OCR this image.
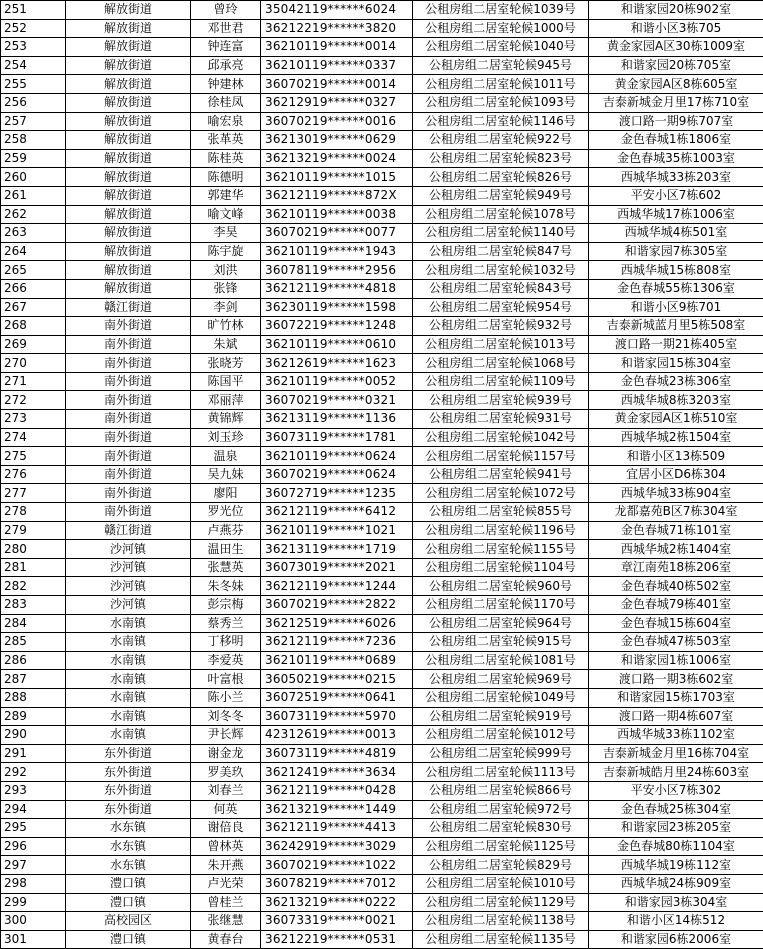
251	解放街道	曾玲	35042119******6024	公租房组二居室轮候1039号	和谐家园20栋902室
252	解放街道	邓世君	36212219******3820	公租房组二居室轮候1000号	和谐小区3栋705
253	解放街道	钟连富	36210119******0014	公租房组二居室轮候1040号	黄金家园A区30栋1009室
254	解放街道	邱承亮	36210119******0337	公租房组二居室轮候945号	和谐家园20栋705室
255	解放街道	钟建林	36070219******0014	公租房组二居室轮候1011号	黄金家园A区8栋605室
256	解放街道	徐桂凤	36212919******0327	公租房组二居室轮候1093号	吉泰新城金月里17栋710室
257	解放街道	喻宏泉	36070219******0016	公租房组二居室轮候1146号	渡口路一期9栋707室
258	解放街道	张革英	36213019******0629	公租房组二居室轮候922号	金色春城1栋1806室
259	解放街道	陈桂英	36213219******0024	公租房组二居室轮候823号	金色春城35栋1003室
260	解放街道	陈德明	36210119******1015	公租房组二居室轮候826号	西城华城33栋203室
261	解放街道	郭建华	36212119******872X	公租房组二居室轮候949号	平安小区7栋602
262	解放街道	喻文峰	36210119******0038	公租房组二居室轮候1078号	西城华城17栋1006室
263	解放街道	李昊	36070219******0077	公租房组二居室轮候1140号	西城华城4栋501室
264	解放街道	陈宇旋	36210119******1943	公租房组二居室轮候847号	和谐家园7栋305室
265	解放街道	刘洪	36078119******2956	公租房组二居室轮候1032号	西城华城15栋808室
266	解放街道	张锋	36212119******4818	公租房组二居室轮候843号	金色春城55栋1306室
267	赣江街道	李剑	36230119******1598	公租房组二居室轮候954号	和谐小区9栋701
268	南外街道	旷竹林	36072219******1248	公租房组二居室轮候932号	吉泰新城蓝月里5栋508室
269	南外街道	朱斌	36210119******0610	公租房组二居室轮候1013号	渡口路一期21栋405室
270	南外街道	张晓芳	36212619******1623	公租房组二居室轮候1068号	和谐家园15栋304室
271	南外街道	陈国平	36210119******0052	公租房组二居室轮候1109号	金色春城23栋306室
272	南外街道	邓丽萍	36070219******0321	公租房组二居室轮候939号	西城华城8栋3203室
273	南外街道	黄锦辉	36213119******1136	公租房组二居室轮候931号	黄金家园A区1栋510室
274	南外街道	刘玉珍	36073119******1781	公租房组二居室轮候1042号	西城华城2栋1504室
275	南外街道	温泉	36210119******0624	公租房组二居室轮候1157号	和谐小区13栋509
276	南外街道	吴九妹	36070219******0624	公租房组二居室轮候941号	宜居小区D6栋304
277	南外街道	廖阳	36072719******1235	公租房组二居室轮候1072号	西城华城33栋904室
278	南外街道	罗光位	36212119******6412	公租房组二居室轮候855号	龙都嘉苑B区7栋304室
279	赣江街道	卢燕芬	36210119******1021	公租房组二居室轮候1196号	金色春城71栋101室
280	沙河镇	温田生	36213119******1719	公租房组二居室轮候1155号	西城华城2栋1404室
281	沙河镇	张慧英	36073019******2021	公租房组二居室轮候1104号	章江南苑18栋206室
282	沙河镇	朱冬妹	36212119******1244	公租房组二居室轮候960号	金色春城40栋502室
283	沙河镇	彭宗梅	36070219******2822	公租房组二居室轮候1170号	金色春城79栋401室
284	水南镇	蔡秀兰	36212519******6026	公租房组二居室轮候964号	金色春城15栋604室
285	水南镇	丁移明	36212119******7236	公租房组二居室轮候915号	金色春城47栋503室
286	水南镇	李爱英	36210119******0689	公租房组二居室轮候1081号	和谐家园1栋1006室
287	水南镇	叶富根	36050219******0215	公租房组二居室轮候969号	渡口路一期3栋602室
288	水南镇	陈小兰	36072519******0641	公租房组二居室轮候1049号	和谐家园15栋1703室
289	水南镇	刘冬冬	36073119******5970	公租房组二居室轮候919号	渡口路一期4栋607室
290	水南镇	尹长辉	42312619******0013	公租房组二居室轮候1012号	西城华城33栋1102室
291	东外街道	谢金龙	36073119******4819	公租房组二居室轮候999号	吉泰新城金月里16栋704室
292	东外街道	罗美玖	36212419******3634	公租房组二居室轮候1113号	吉泰新城皓月里24栋603室
293	东外街道	刘春兰	36212119******0428	公租房组二居室轮候866号	平安小区7栋302
294	东外街道	何英	36213219******1449	公租房组二居室轮候972号	金色春城25栋304室
295	水东镇	谢倍良	36212119******4413	公租房组二居室轮候830号	和谐家园23栋205室
296	水东镇	曾林英	36242919******3029	公租房组二居室轮候1125号	金色春城80栋1104室
297	水东镇	朱开燕	36070219******1022	公租房组二居室轮候829号	西城华城19栋112室
298	澧口镇	卢光荣	36078219******7012	公租房组二居室轮候1010号	西城华城24栋909室
299	澧口镇	曾桂兰	36213219******0222	公租房组二居室轮候1129号	和谐家园3栋304室
300	高校园区	张继慧	36073319******0021	公租房组二居室轮候1138号	和谐小区14栋512
301	澧口镇	黄春台	36212219******0531	公租房组二居室轮候1135号	和谐家园6栋2006室
